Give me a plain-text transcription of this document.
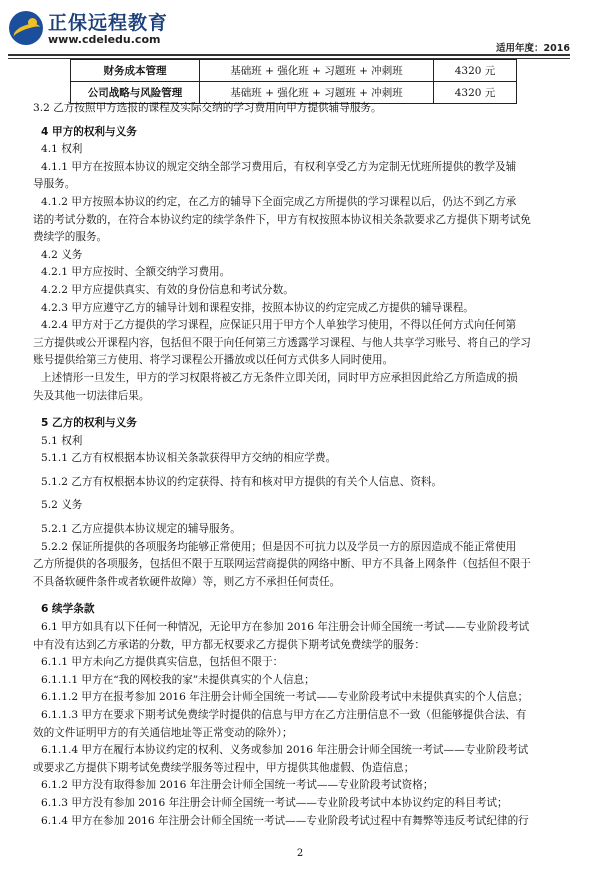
正保远程教育
www.cdeledu.com
适用年度：2016
财务成本管理	基础班 + 强化班 + 习题班 + 冲刺班	4320 元
公司战略与风险管理	基础班 + 强化班 + 习题班 + 冲刺班	4320 元
3.2 乙方按照甲方选报的课程及实际交纳的学习费用向甲方提供辅导服务。
4 甲方的权利与义务
4.1 权利
4.1.1 甲方在按照本协议的规定交纳全部学习费用后，有权利享受乙方为定制无忧班所提供的教学及辅
导服务。
4.1.2 甲方按照本协议的约定，在乙方的辅导下全面完成乙方所提供的学习课程以后，仍达不到乙方承
诺的考试分数的，在符合本协议约定的续学条件下，甲方有权按照本协议相关条款要求乙方提供下期考试免
费续学的服务。
4.2 义务
4.2.1 甲方应按时、全额交纳学习费用。
4.2.2 甲方应提供真实、有效的身份信息和考试分数。
4.2.3 甲方应遵守乙方的辅导计划和课程安排，按照本协议的约定完成乙方提供的辅导课程。
4.2.4 甲方对于乙方提供的学习课程，应保证只用于甲方个人单独学习使用，不得以任何方式向任何第
三方提供或公开课程内容，包括但不限于向任何第三方透露学习课程、与他人共享学习账号、将自己的学习
账号提供给第三方使用、将学习课程公开播放或以任何方式供多人同时使用。
上述情形一旦发生，甲方的学习权限将被乙方无条件立即关闭，同时甲方应承担因此给乙方所造成的损
失及其他一切法律后果。
5 乙方的权利与义务
5.1 权利
5.1.1 乙方有权根据本协议相关条款获得甲方交纳的相应学费。
5.1.2 乙方有权根据本协议的约定获得、持有和核对甲方提供的有关个人信息、资料。
5.2 义务
5.2.1 乙方应提供本协议规定的辅导服务。
5.2.2 保证所提供的各项服务均能够正常使用；但是因不可抗力以及学员一方的原因造成不能正常使用
乙方所提供的各项服务，包括但不限于互联网运营商提供的网络中断、甲方不具备上网条件（包括但不限于
不具备软硬件条件或者软硬件故障）等，则乙方不承担任何责任。
6 续学条款
6.1 甲方如具有以下任何一种情况，无论甲方在参加 2016 年注册会计师全国统一考试——专业阶段考试
中有没有达到乙方承诺的分数，甲方都无权要求乙方提供下期考试免费续学的服务：
6.1.1 甲方未向乙方提供真实信息，包括但不限于：
6.1.1.1 甲方在“我的网校我的家”未提供真实的个人信息；
6.1.1.2 甲方在报考参加 2016 年注册会计师全国统一考试——专业阶段考试中未提供真实的个人信息；
6.1.1.3 甲方在要求下期考试免费续学时提供的信息与甲方在乙方注册信息不一致（但能够提供合法、有
效的文件证明甲方的有关通信地址等正常变动的除外）；
6.1.1.4 甲方在履行本协议约定的权利、义务或参加 2016 年注册会计师全国统一考试——专业阶段考试
或要求乙方提供下期考试免费续学服务等过程中，甲方提供其他虚假、伪造信息；
6.1.2 甲方没有取得参加 2016 年注册会计师全国统一考试——专业阶段考试资格；
6.1.3 甲方没有参加 2016 年注册会计师全国统一考试——专业阶段考试中本协议约定的科目考试；
6.1.4 甲方在参加 2016 年注册会计师全国统一考试——专业阶段考试过程中有舞弊等违反考试纪律的行
2
